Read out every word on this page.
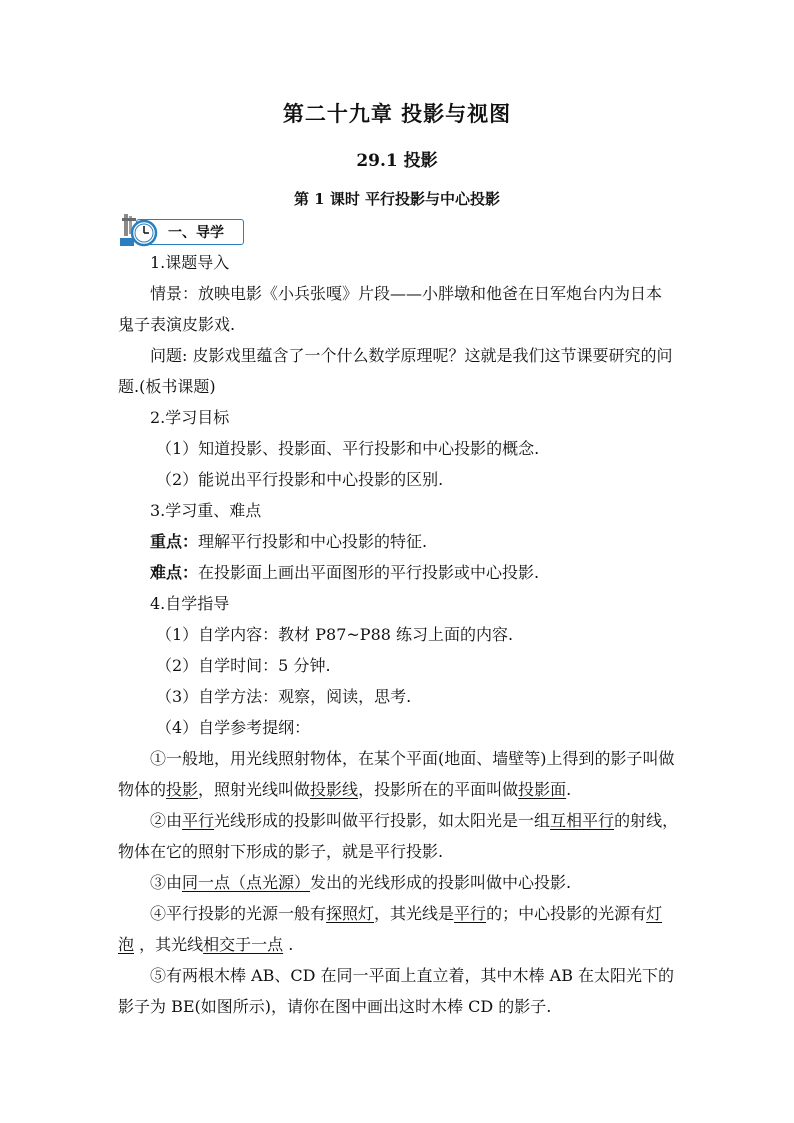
第二十九章 投影与视图
29.1 投影
第 1 课时 平行投影与中心投影
一、导学
1.课题导入
情景：放映电影《小兵张嘎》片段——小胖墩和他爸在日军炮台内为日本
鬼子表演皮影戏.
问题: 皮影戏里蕴含了一个什么数学原理呢？这就是我们这节课要研究的问
题.(板书课题)
2.学习目标
（1）知道投影、投影面、平行投影和中心投影的概念.
（2）能说出平行投影和中心投影的区别.
3.学习重、难点
重点：理解平行投影和中心投影的特征.
难点：在投影面上画出平面图形的平行投影或中心投影.
4.自学指导
（1）自学内容：教材 P87~P88 练习上面的内容.
（2）自学时间：5 分钟.
（3）自学方法：观察，阅读，思考.
（4）自学参考提纲：
①一般地，用光线照射物体，在某个平面(地面、墙壁等)上得到的影子叫做
物体的投影，照射光线叫做投影线，投影所在的平面叫做投影面.
②由平行光线形成的投影叫做平行投影，如太阳光是一组互相平行的射线，
物体在它的照射下形成的影子，就是平行投影.
③由同一点（点光源）发出的光线形成的投影叫做中心投影.
④平行投影的光源一般有探照灯，其光线是平行的；中心投影的光源有灯
泡 ，其光线相交于一点 .
⑤有两根木棒 AB、CD 在同一平面上直立着，其中木棒 AB 在太阳光下的
影子为 BE(如图所示)，请你在图中画出这时木棒 CD 的影子.
